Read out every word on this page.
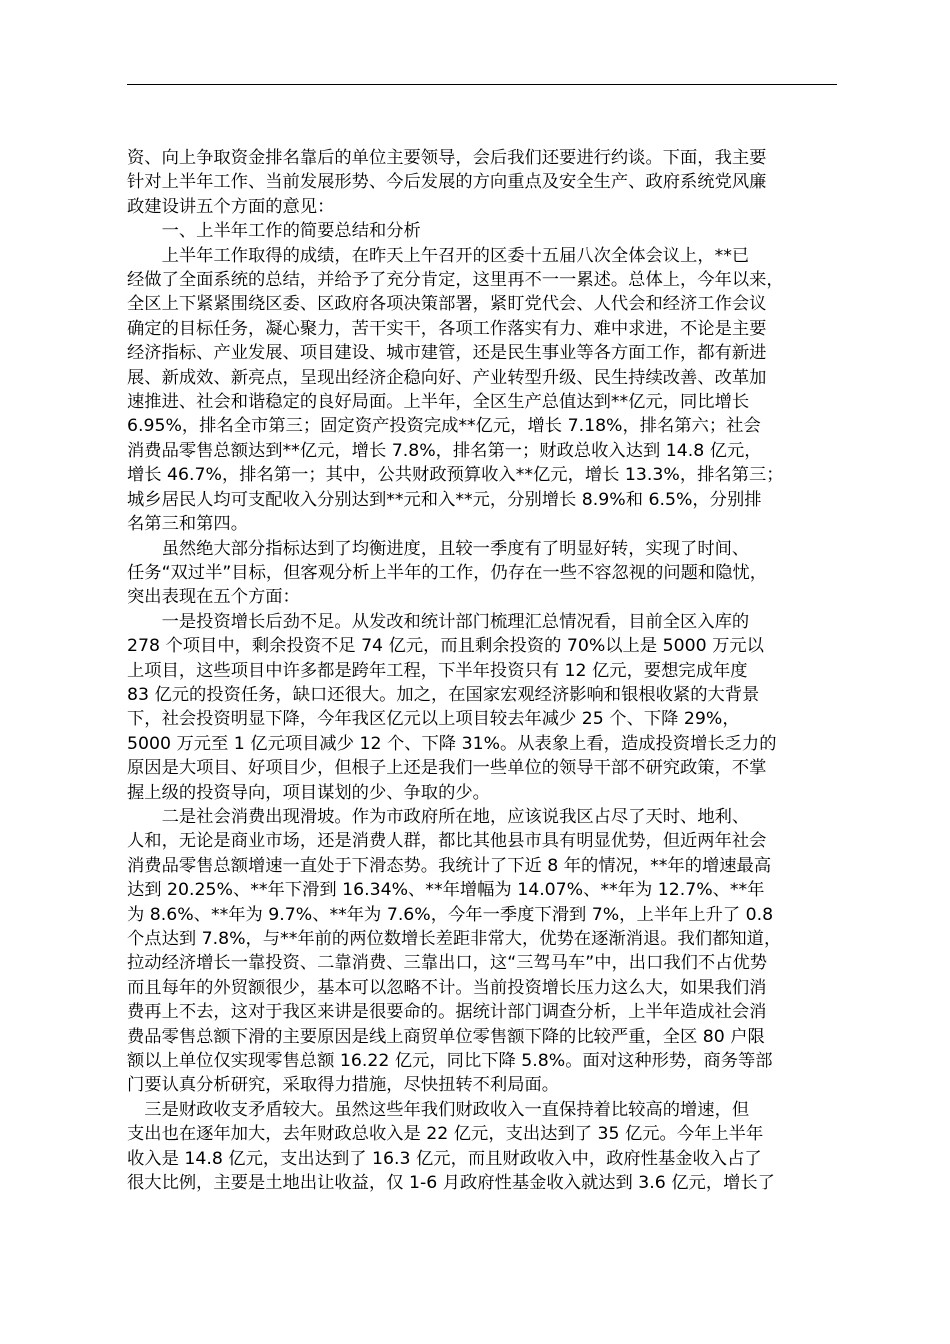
资、向上争取资金排名靠后的单位主要领导，会后我们还要进行约谈。下面，我主要
针对上半年工作、当前发展形势、今后发展的方向重点及安全生产、政府系统党风廉
政建设讲五个方面的意见：

一、上半年工作的简要总结和分析

上半年工作取得的成绩，在昨天上午召开的区委十五届八次全体会议上，**已
经做了全面系统的总结，并给予了充分肯定，这里再不一一累述。总体上，今年以来，
全区上下紧紧围绕区委、区政府各项决策部署，紧盯党代会、人代会和经济工作会议
确定的目标任务，凝心聚力，苦干实干，各项工作落实有力、难中求进，不论是主要
经济指标、产业发展、项目建设、城市建管，还是民生事业等各方面工作，都有新进
展、新成效、新亮点，呈现出经济企稳向好、产业转型升级、民生持续改善、改革加
速推进、社会和谐稳定的良好局面。上半年，全区生产总值达到**亿元，同比增长
6.95%，排名全市第三；固定资产投资完成**亿元，增长 7.18%，排名第六；社会
消费品零售总额达到**亿元，增长 7.8%，排名第一；财政总收入达到 14.8 亿元，
增长 46.7%，排名第一；其中，公共财政预算收入**亿元，增长 13.3%，排名第三；
城乡居民人均可支配收入分别达到**元和入**元，分别增长 8.9%和 6.5%，分别排
名第三和第四。

虽然绝大部分指标达到了均衡进度，且较一季度有了明显好转，实现了时间、
任务“双过半”目标，但客观分析上半年的工作，仍存在一些不容忽视的问题和隐忧，
突出表现在五个方面：

一是投资增长后劲不足。从发改和统计部门梳理汇总情况看，目前全区入库的
278 个项目中，剩余投资不足 74 亿元，而且剩余投资的 70%以上是 5000 万元以
上项目，这些项目中许多都是跨年工程，下半年投资只有 12 亿元，要想完成年度
83 亿元的投资任务，缺口还很大。加之，在国家宏观经济影响和银根收紧的大背景
下，社会投资明显下降，今年我区亿元以上项目较去年减少 25 个、下降 29%，
5000 万元至 1 亿元项目减少 12 个、下降 31%。从表象上看，造成投资增长乏力的
原因是大项目、好项目少，但根子上还是我们一些单位的领导干部不研究政策，不掌
握上级的投资导向，项目谋划的少、争取的少。

二是社会消费出现滑坡。作为市政府所在地，应该说我区占尽了天时、地利、
人和，无论是商业市场，还是消费人群，都比其他县市具有明显优势，但近两年社会
消费品零售总额增速一直处于下滑态势。我统计了下近 8 年的情况，**年的增速最高
达到 20.25%、**年下滑到 16.34%、**年增幅为 14.07%、**年为 12.7%、**年
为 8.6%、**年为 9.7%、**年为 7.6%，今年一季度下滑到 7%，上半年上升了 0.8
个点达到 7.8%，与**年前的两位数增长差距非常大，优势在逐渐消退。我们都知道，
拉动经济增长一靠投资、二靠消费、三靠出口，这“三驾马车”中，出口我们不占优势
而且每年的外贸额很少，基本可以忽略不计。当前投资增长压力这么大，如果我们消
费再上不去，这对于我区来讲是很要命的。据统计部门调查分析，上半年造成社会消
费品零售总额下滑的主要原因是线上商贸单位零售额下降的比较严重，全区 80 户限
额以上单位仅实现零售总额 16.22 亿元，同比下降 5.8%。面对这种形势，商务等部
门要认真分析研究，采取得力措施，尽快扭转不利局面。

三是财政收支矛盾较大。虽然这些年我们财政收入一直保持着比较高的增速，但
支出也在逐年加大，去年财政总收入是 22 亿元，支出达到了 35 亿元。今年上半年
收入是 14.8 亿元，支出达到了 16.3 亿元，而且财政收入中，政府性基金收入占了
很大比例，主要是土地出让收益，仅 1-6 月政府性基金收入就达到 3.6 亿元，增长了
